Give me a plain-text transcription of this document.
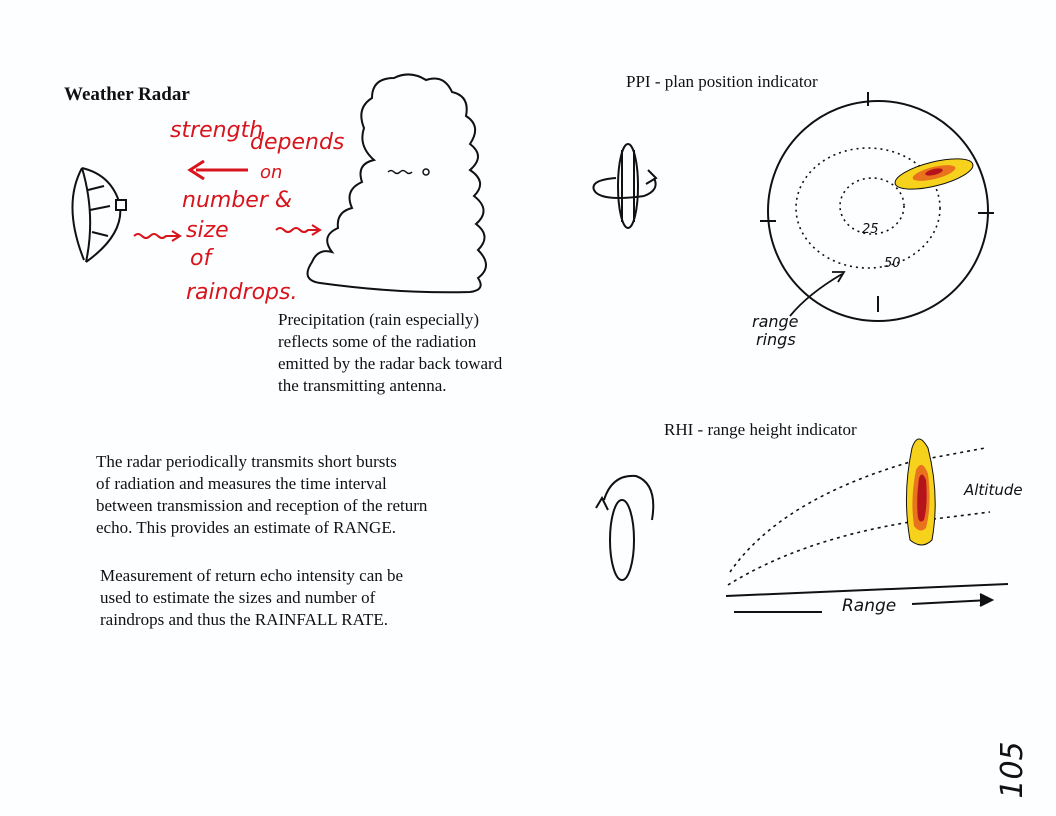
105
Weather Radar
strength
depends
on
number &
size
of
raindrops.
Precipitation (rain especially)
reflects some of the radiation
emitted by the radar back toward
the transmitting antenna.
The radar periodically transmits short bursts
of radiation and measures the time interval
between transmission and reception of the return
echo. This provides an estimate of RANGE.
Measurement of return echo intensity can be
used to estimate the sizes and number of
raindrops and thus the RAINFALL RATE.
PPI - plan position indicator
25
50
range
rings
RHI - range height indicator
Altitude
Range
